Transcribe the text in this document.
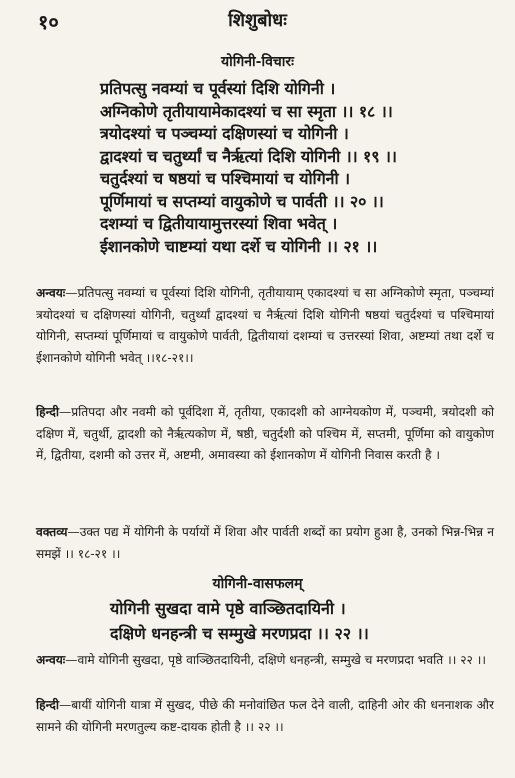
१०	शिशुबोधः
योगिनी-विचारः
प्रतिपत्सु नवम्यां च पूर्वस्यां दिशि योगिनी ।
अग्निकोणे तृतीयायामेकादश्यां च सा स्मृता ।। १८ ।।
त्रयोदश्यां च पञ्चम्यां दक्षिणस्यां च योगिनी ।
द्वादश्यां च चतुर्थ्यां च नैर्ऋत्यां दिशि योगिनी ।। १९ ।।
चतुर्दश्यां च षष्ठयां च पश्चिमायां च योगिनी ।
पूर्णिमायां च सप्तम्यां वायुकोणे च पार्वती ।। २० ।।
दशम्यां च द्वितीयायामुत्तरस्यां शिवा भवेत् ।
ईशानकोणे चाष्टम्यां यथा दर्शे च योगिनी ।। २१ ।।
अन्वयः—प्रतिपत्सु नवम्यां च पूर्वस्यां दिशि योगिनी, तृतीयायाम् एकादश्यां च सा अग्निकोणे स्मृता, पञ्चम्यां त्रयोदश्यां च दक्षिणस्यां योगिनी, चतुर्थ्यां द्वादश्यां च नैर्ऋत्यां दिशि योगिनी षष्ठयां चतुर्दश्यां च पश्चिमायां योगिनी, सप्तम्यां पूर्णिमायां च वायुकोणे पार्वती, द्वितीयायां दशम्यां च उत्तरस्यां शिवा, अष्टम्यां तथा दर्शे च ईशानकोणे योगिनी भवेत् ।।१८-२१।।
हिन्दी—प्रतिपदा और नवमी को पूर्वदिशा में, तृतीया, एकादशी को आग्नेयकोण में, पञ्चमी, त्रयोदशी को दक्षिण में, चतुर्थी, द्वादशी को नैर्ऋत्यकोण में, षष्ठी, चतुर्दशी को पश्चिम में, सप्तमी, पूर्णिमा को वायुकोण में, द्वितीया, दशमी को उत्तर में, अष्टमी, अमावस्या को ईशानकोण में योगिनी निवास करती है ।
वक्तव्य—उक्त पद्य में योगिनी के पर्यायों में शिवा और पार्वती शब्दों का प्रयोग हुआ है, उनको भिन्न-भिन्न न समझें ।। १८-२१ ।।
योगिनी-वासफलम्
योगिनी सुखदा वामे पृष्ठे वाञ्छितदायिनी ।
दक्षिणे धनहन्त्री च सम्मुखे मरणप्रदा ।। २२ ।।
अन्वयः—वामे योगिनी सुखदा, पृष्ठे वाञ्छितदायिनी, दक्षिणे धनहन्त्री, सम्मुखे च मरणप्रदा भवति ।। २२ ।।
हिन्दी—बायीं योगिनी यात्रा में सुखद, पीछे की मनोवांछित फल देने वाली, दाहिनी ओर की धननाशक और सामने की योगिनी मरणतुल्य कष्ट-दायक होती है ।। २२ ।।
